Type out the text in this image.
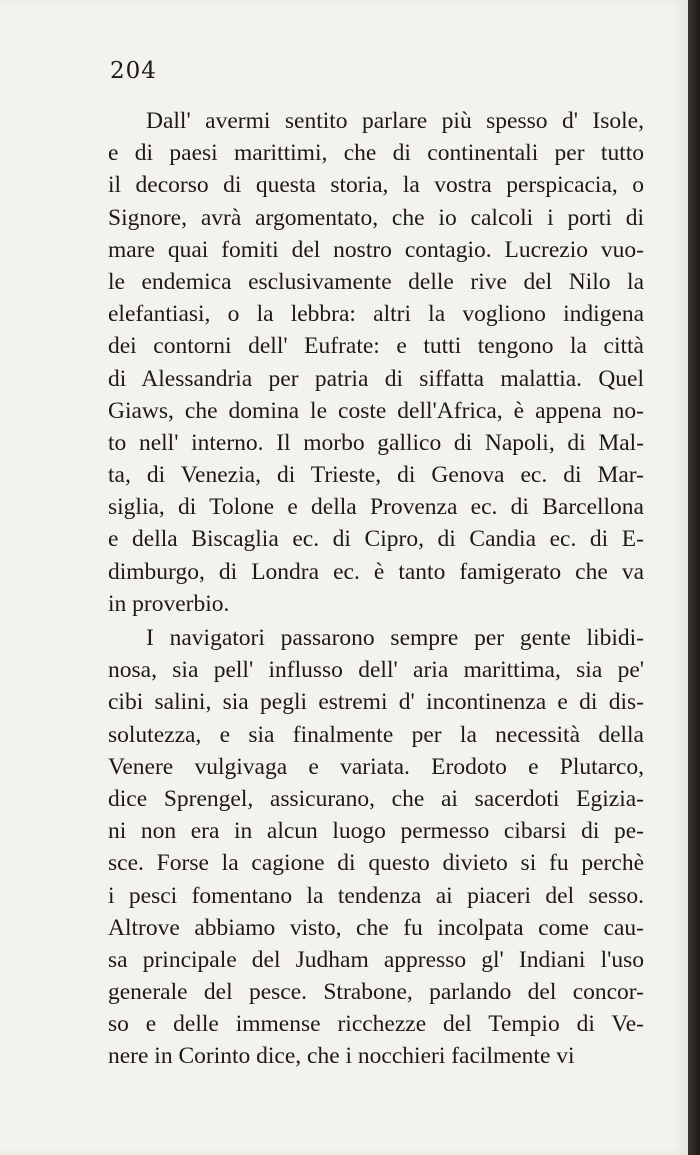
204
Dall' avermi sentito parlare più spesso d' Isole,
e di paesi marittimi, che di continentali per tutto
il decorso di questa storia, la vostra perspicacia, o
Signore, avrà argomentato, che io calcoli i porti di
mare quai fomiti del nostro contagio. Lucrezio vuo-
le endemica esclusivamente delle rive del Nilo la
elefantiasi, o la lebbra: altri la vogliono indigena
dei contorni dell' Eufrate: e tutti tengono la città
di Alessandria per patria di siffatta malattia. Quel
Giaws, che domina le coste dell'Africa, è appena no-
to nell' interno. Il morbo gallico di Napoli, di Mal-
ta, di Venezia, di Trieste, di Genova ec. di Mar-
siglia, di Tolone e della Provenza ec. di Barcellona
e della Biscaglia ec. di Cipro, di Candia ec. di E-
dimburgo, di Londra ec. è tanto famigerato che va
in proverbio.
I navigatori passarono sempre per gente libidi-
nosa, sia pell' influsso dell' aria marittima, sia pe'
cibi salini, sia pegli estremi d' incontinenza e di dis-
solutezza, e sia finalmente per la necessità della
Venere vulgivaga e variata. Erodoto e Plutarco,
dice Sprengel, assicurano, che ai sacerdoti Egizia-
ni non era in alcun luogo permesso cibarsi di pe-
sce. Forse la cagione di questo divieto si fu perchè
i pesci fomentano la tendenza ai piaceri del sesso.
Altrove abbiamo visto, che fu incolpata come cau-
sa principale del Judham appresso gl' Indiani l'uso
generale del pesce. Strabone, parlando del concor-
so e delle immense ricchezze del Tempio di Ve-
nere in Corinto dice, che i nocchieri facilmente vi
